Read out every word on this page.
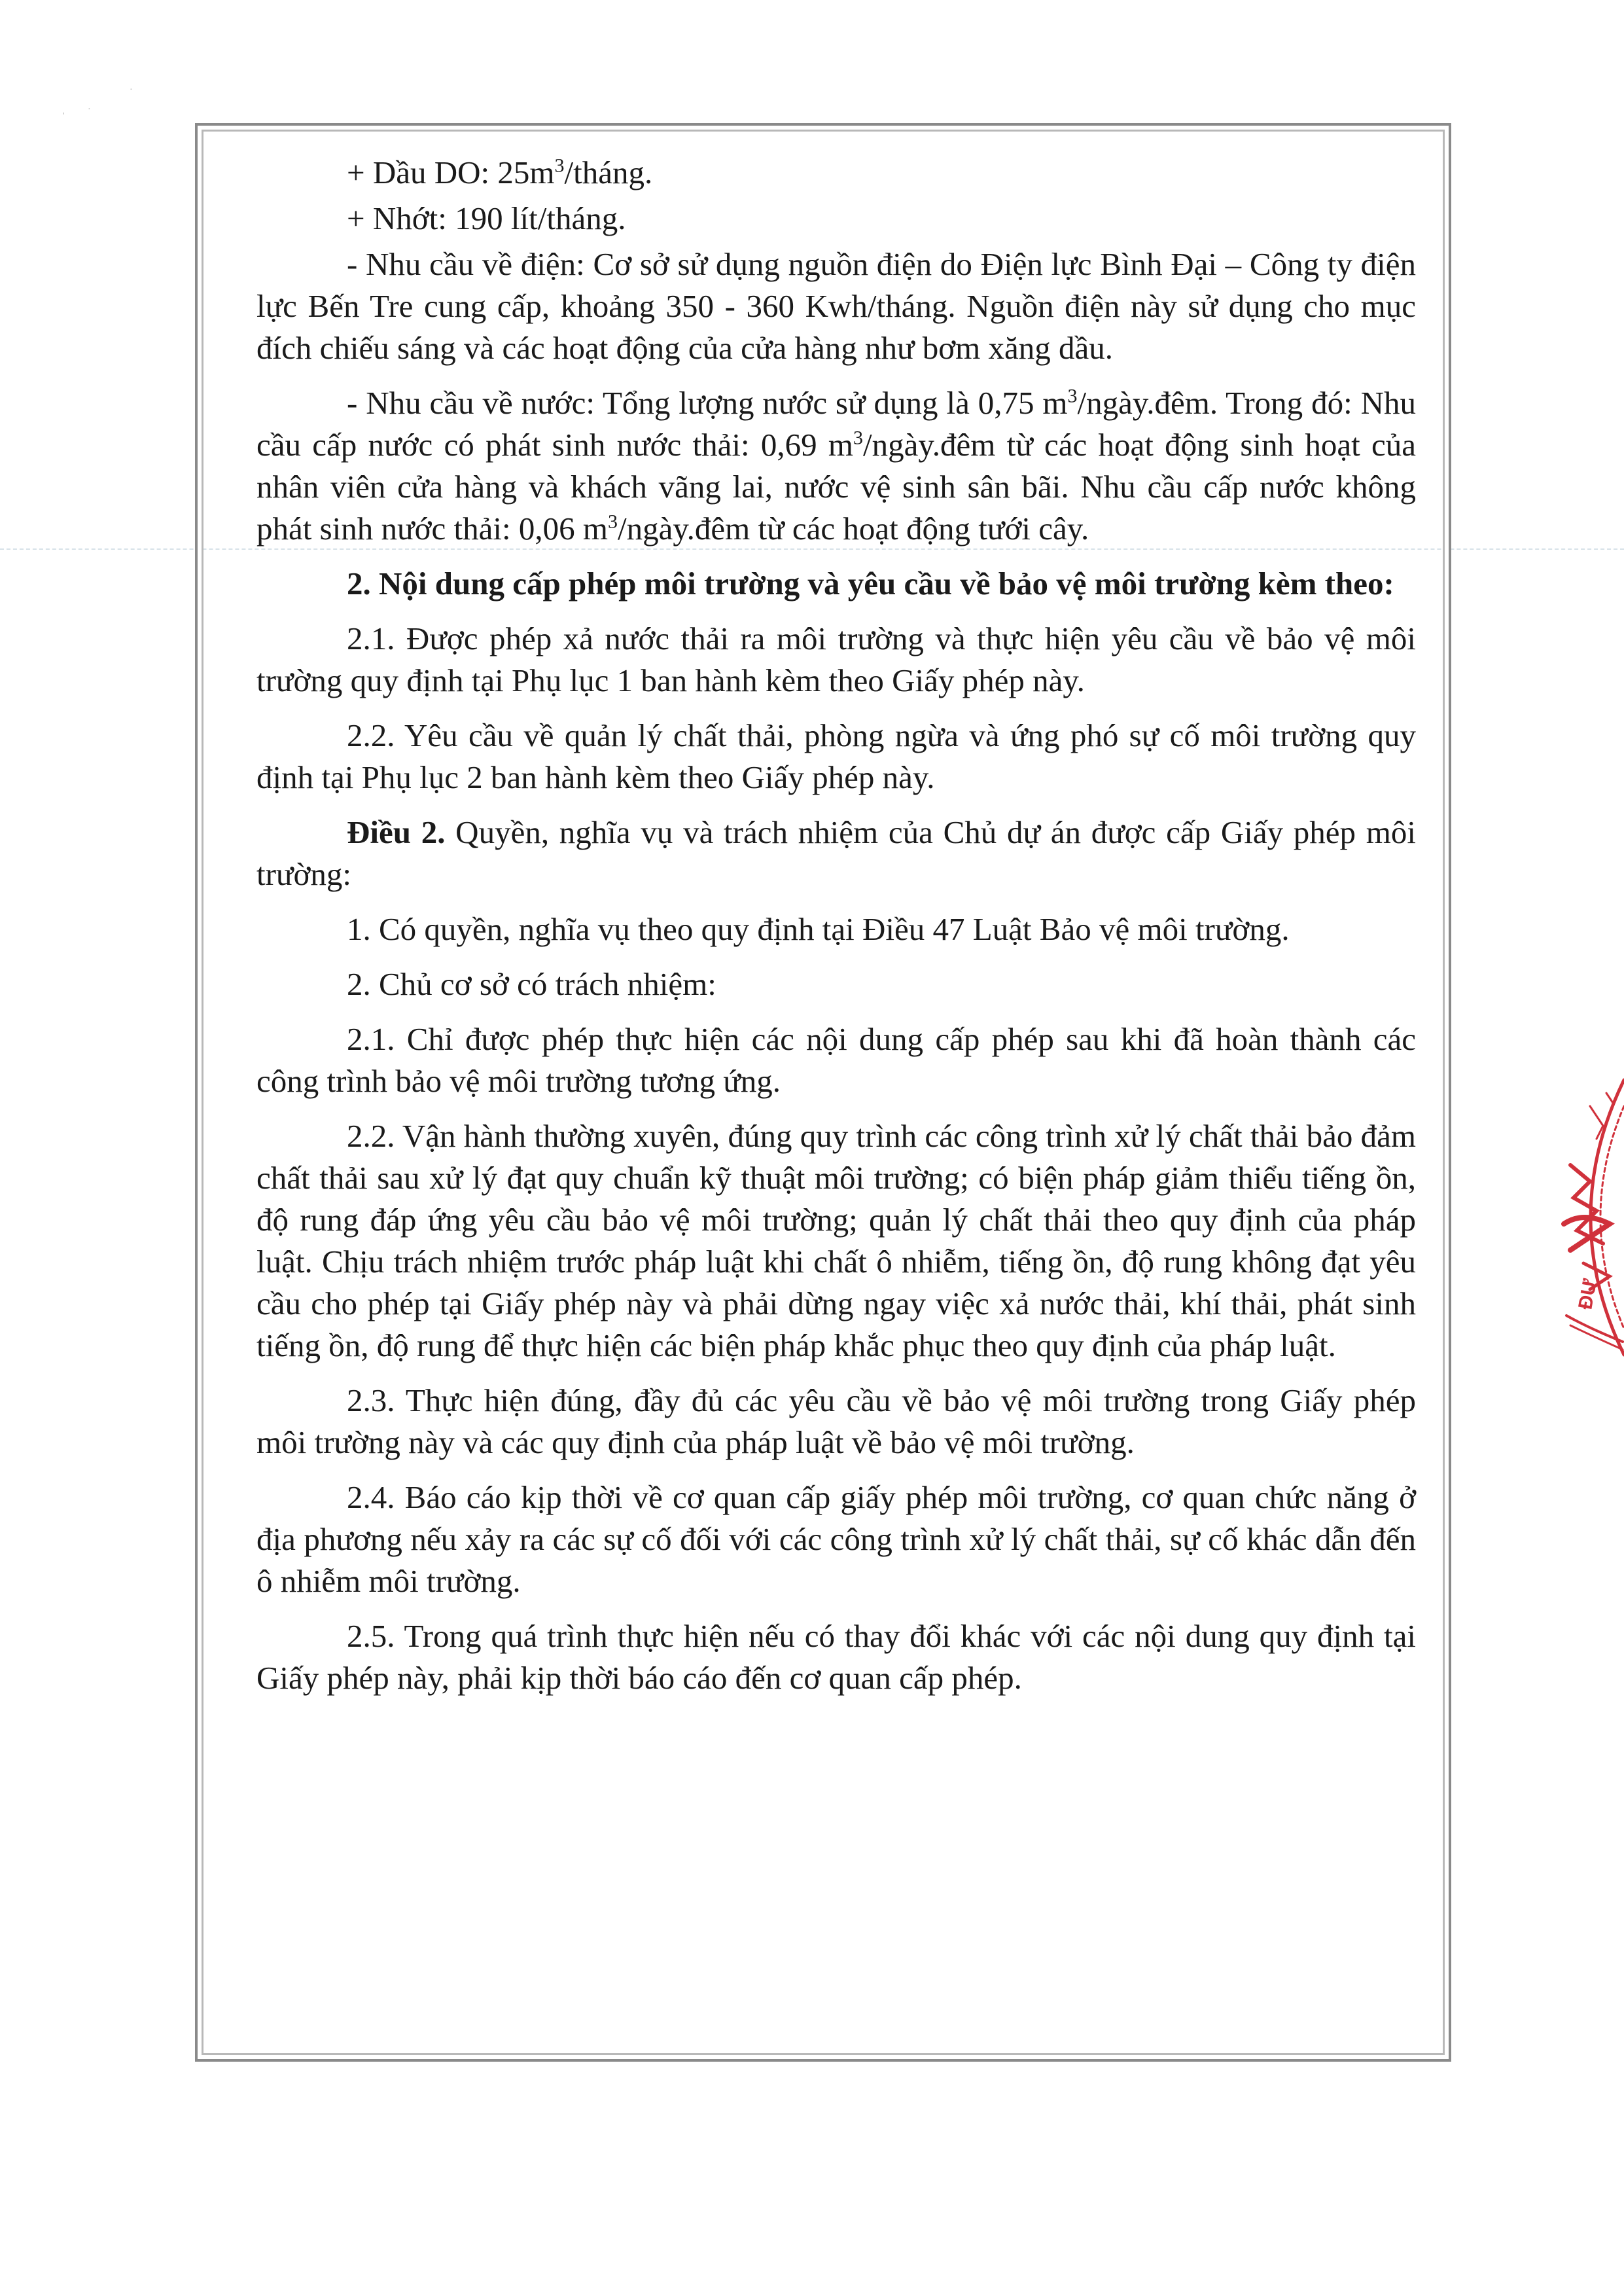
'
·
·

+ Dầu DO: $25m^3$/tháng.

+ Nhớt: 190 lít/tháng.

- Nhu cầu về điện: Cơ sở sử dụng nguồn điện do Điện lực Bình Đại – Công ty điện lực Bến Tre cung cấp, khoảng 350 - 360 Kwh/tháng. Nguồn điện này sử dụng cho mục đích chiếu sáng và các hoạt động của cửa hàng như bơm xăng dầu.

- Nhu cầu về nước: Tổng lượng nước sử dụng là 0,75 $m^3/ngày.đêm$. Trong đó: Nhu cầu cấp nước có phát sinh nước thải: 0,69 $m^3/ngày.đêm$ từ các hoạt động sinh hoạt của nhân viên cửa hàng và khách vãng lai, nước vệ sinh sân bãi. Nhu cầu cấp nước không phát sinh nước thải: 0,06 $m^3/ngày.đêm$ từ các hoạt động tưới cây.

2. Nội dung cấp phép môi trường và yêu cầu về bảo vệ môi trường kèm theo:

2.1. Được phép xả nước thải ra môi trường và thực hiện yêu cầu về bảo vệ môi trường quy định tại Phụ lục 1 ban hành kèm theo Giấy phép này.

2.2. Yêu cầu về quản lý chất thải, phòng ngừa và ứng phó sự cố môi trường quy định tại Phụ lục 2 ban hành kèm theo Giấy phép này.

Điều 2. Quyền, nghĩa vụ và trách nhiệm của Chủ dự án được cấp Giấy phép môi trường:

1. Có quyền, nghĩa vụ theo quy định tại Điều 47 Luật Bảo vệ môi trường.

2. Chủ cơ sở có trách nhiệm:

2.1. Chỉ được phép thực hiện các nội dung cấp phép sau khi đã hoàn thành các công trình bảo vệ môi trường tương ứng.

2.2. Vận hành thường xuyên, đúng quy trình các công trình xử lý chất thải bảo đảm chất thải sau xử lý đạt quy chuẩn kỹ thuật môi trường; có biện pháp giảm thiểu tiếng ồn, độ rung đáp ứng yêu cầu bảo vệ môi trường; quản lý chất thải theo quy định của pháp luật. Chịu trách nhiệm trước pháp luật khi chất ô nhiễm, tiếng ồn, độ rung không đạt yêu cầu cho phép tại Giấy phép này và phải dừng ngay việc xả nước thải, khí thải, phát sinh tiếng ồn, độ rung để thực hiện các biện pháp khắc phục theo quy định của pháp luật.

2.3. Thực hiện đúng, đầy đủ các yêu cầu về bảo vệ môi trường trong Giấy phép môi trường này và các quy định của pháp luật về bảo vệ môi trường.

2.4. Báo cáo kịp thời về cơ quan cấp giấy phép môi trường, cơ quan chức năng ở địa phương nếu xảy ra các sự cố đối với các công trình xử lý chất thải, sự cố khác dẫn đến ô nhiễm môi trường.

2.5. Trong quá trình thực hiện nếu có thay đổi khác với các nội dung quy định tại Giấy phép này, phải kịp thời báo cáo đến cơ quan cấp phép.

ĐƯ
